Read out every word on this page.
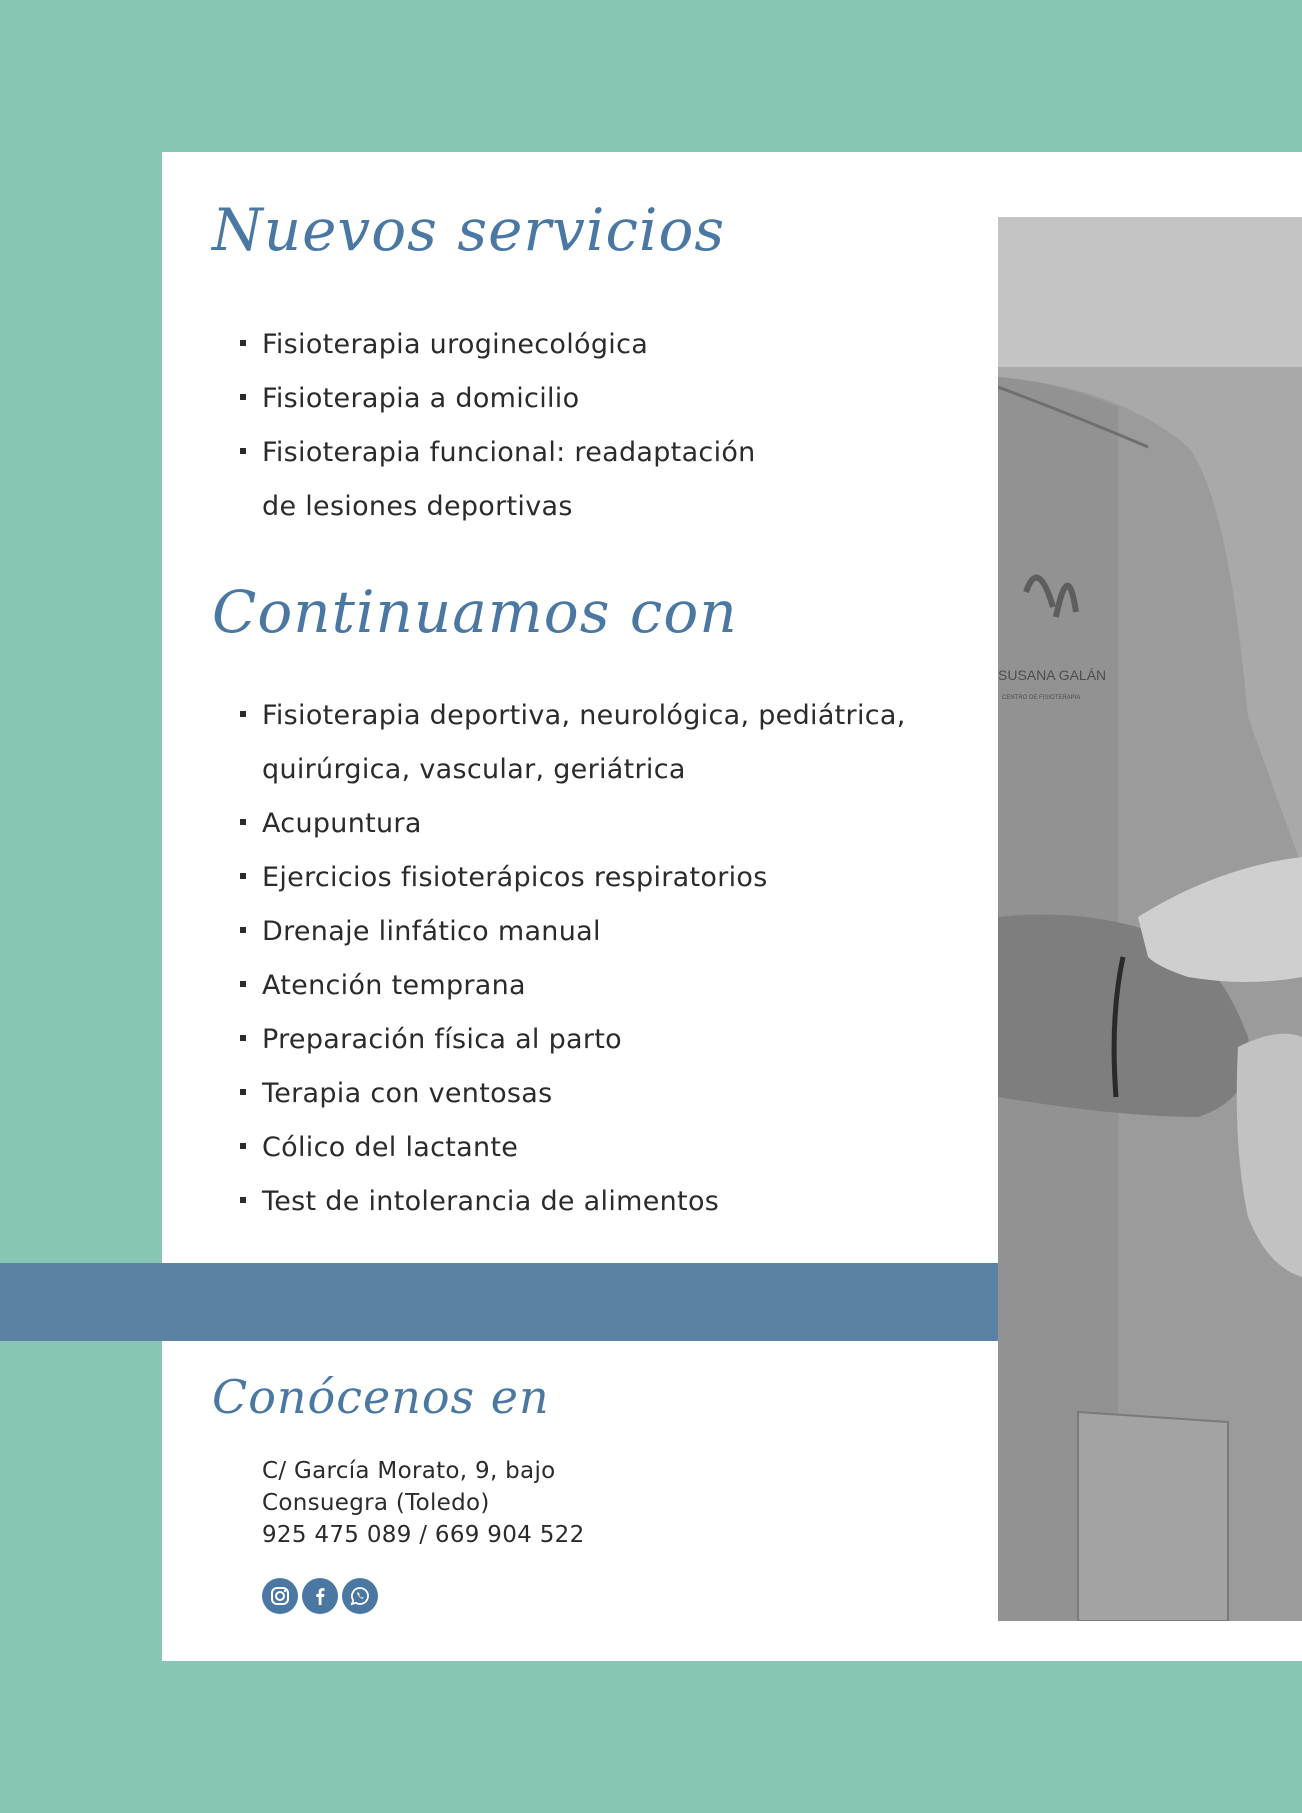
SUSANA GALÁN
CENTRO DE FISIOTERAPIA
Nuevos servicios
Fisioterapia uroginecológica
Fisioterapia a domicilio
Fisioterapia funcional: readaptación
de lesiones deportivas
Continuamos con
Fisioterapia deportiva, neurológica, pediátrica,
quirúrgica, vascular, geriátrica
Acupuntura
Ejercicios fisioterápicos respiratorios
Drenaje linfático manual
Atención temprana
Preparación física al parto
Terapia con ventosas
Cólico del lactante
Test de intolerancia de alimentos
Conócenos en
C/ García Morato, 9, bajo
Consuegra (Toledo)
925 475 089 / 669 904 522
